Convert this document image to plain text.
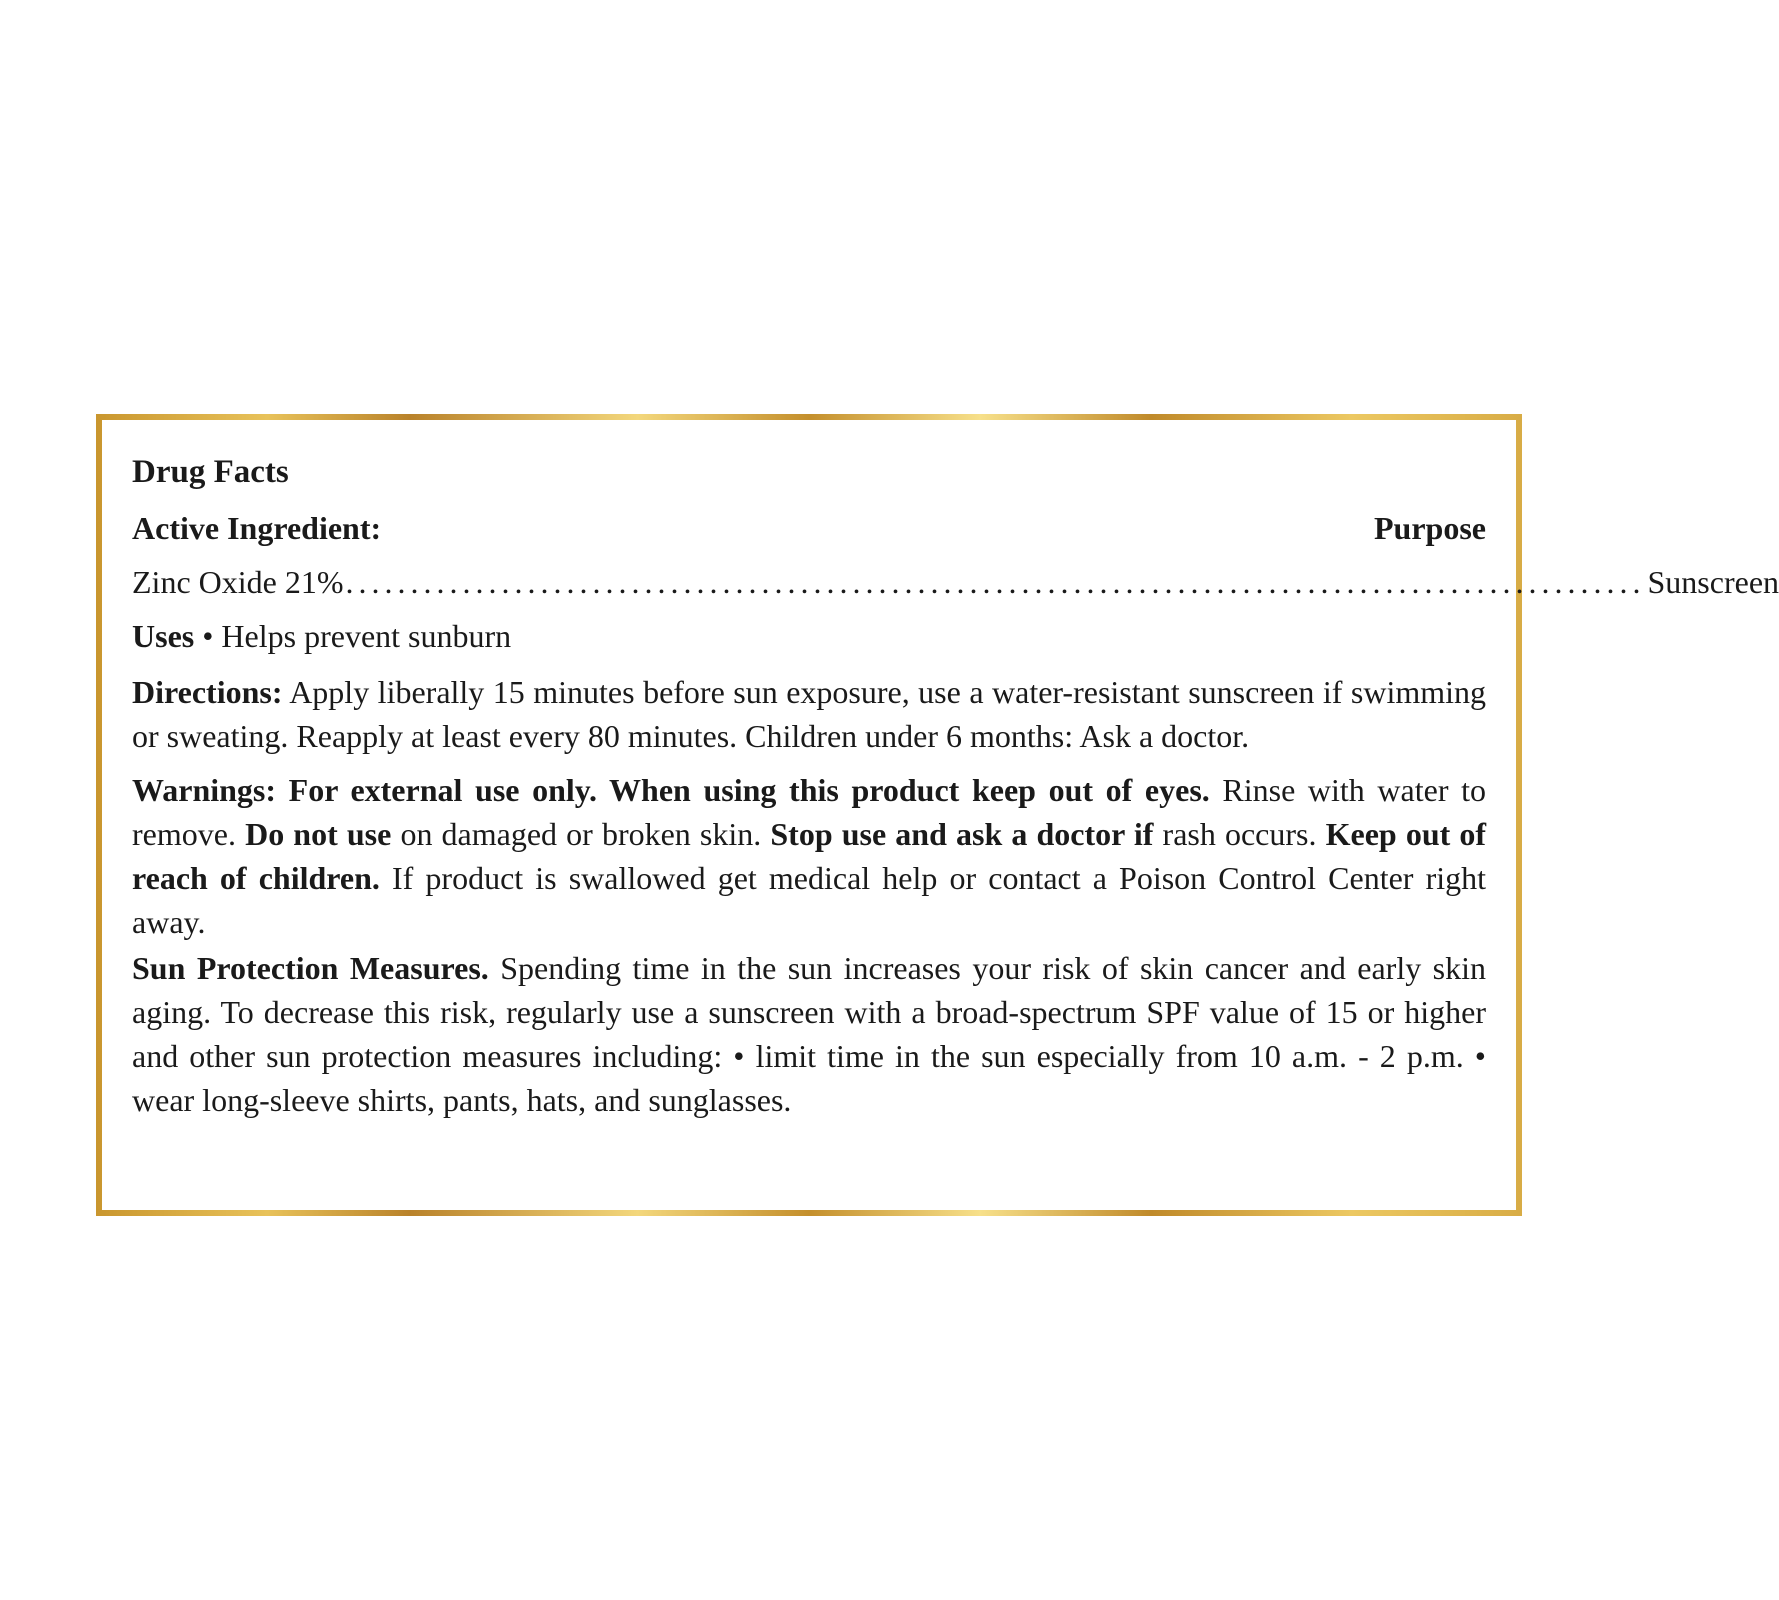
Drug Facts
Active Ingredient:	Purpose
Zinc Oxide 21% .................................................................................................... Sunscreen
Uses • Helps prevent sunburn
Directions: Apply liberally 15 minutes before sun exposure, use a water-resistant sunscreen if swimming or sweating. Reapply at least every 80 minutes. Children under 6 months: Ask a doctor.
Warnings: For external use only. When using this product keep out of eyes. Rinse with water to remove. Do not use on damaged or broken skin. Stop use and ask a doctor if rash occurs. Keep out of reach of children. If product is swallowed get medical help or contact a Poison Control Center right away.
Sun Protection Measures. Spending time in the sun increases your risk of skin cancer and early skin aging. To decrease this risk, regularly use a sunscreen with a broad-spectrum SPF value of 15 or higher and other sun protection measures including: • limit time in the sun especially from 10 a.m. - 2 p.m. • wear long-sleeve shirts, pants, hats, and sunglasses.
